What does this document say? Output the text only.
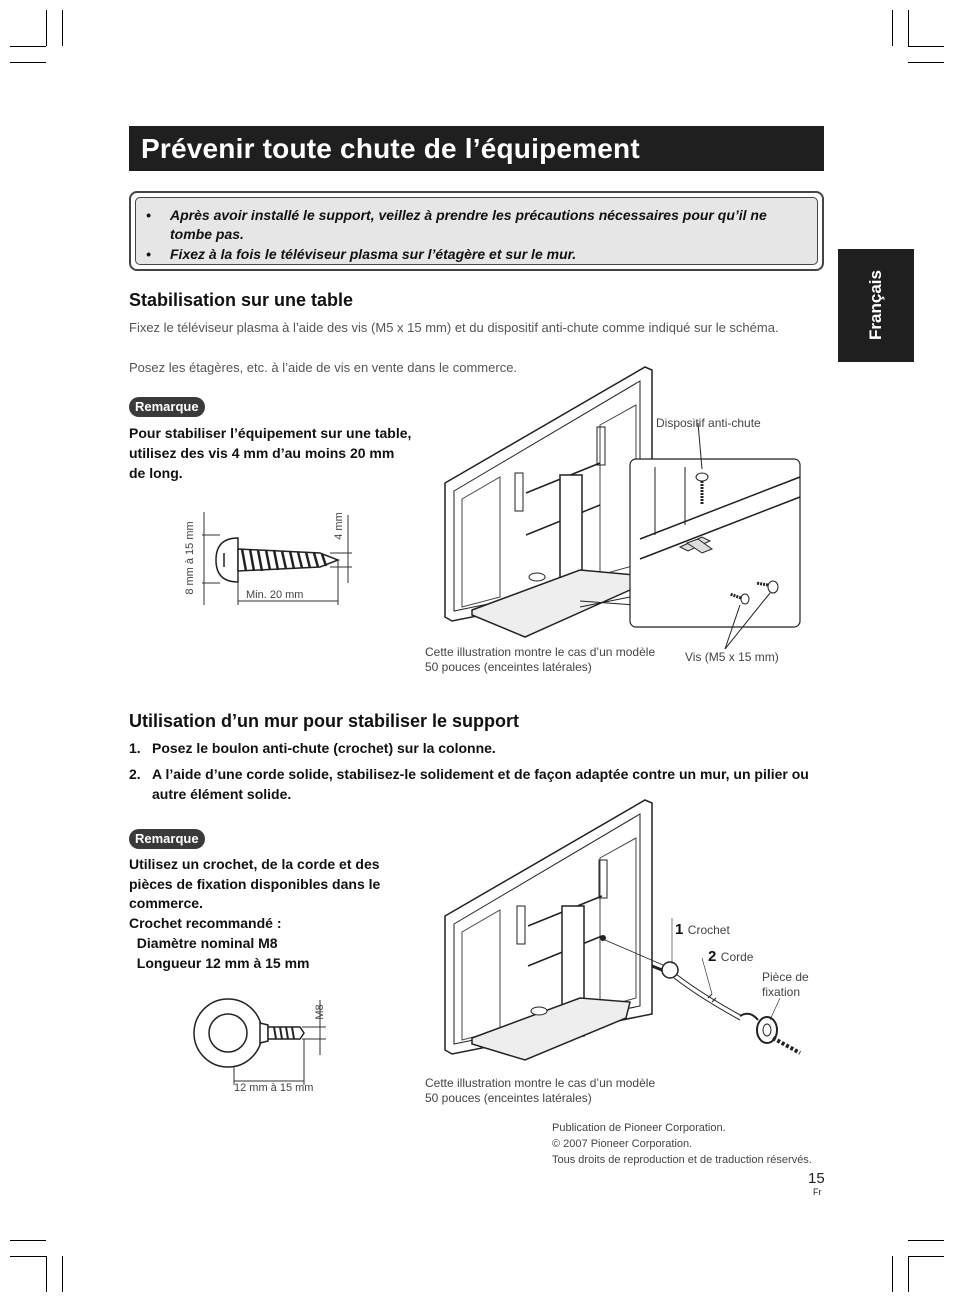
Prévenir toute chute de l’équipement
•	Après avoir installé le support, veillez à prendre les précautions nécessaires pour qu’il ne tombe pas.
•	Fixez à la fois le téléviseur plasma sur l’étagère et sur le mur.
Français
Stabilisation sur une table
Fixez le téléviseur plasma à l’aide des vis (M5 x 15 mm) et du dispositif anti-chute comme indiqué sur le schéma.
Posez les étagères, etc. à l’aide de vis en vente dans le commerce.
Remarque
Pour stabiliser l’équipement sur une table, utilisez des vis 4 mm d’au moins 20 mm de long.
8 mm à 15 mm	4 mm
Min. 20 mm
Dispositif anti-chute
Vis (M5 x 15 mm)
Cette illustration montre le cas d’un modèle 50 pouces (enceintes latérales)
Utilisation d’un mur pour stabiliser le support
1. Posez le boulon anti-chute (crochet) sur la colonne.
2. A l’aide d’une corde solide, stabilisez-le solidement et de façon adaptée contre un mur, un pilier ou autre élément solide.
Remarque
Utilisez un crochet, de la corde et des
pièces de fixation disponibles dans le
commerce.
Crochet recommandé :
Diamètre nominal M8
Longueur 12 mm à 15 mm
M8
12 mm à 15 mm
1 Crochet
2 Corde
Pièce de fixation
Cette illustration montre le cas d’un modèle 50 pouces (enceintes latérales)
Publication de Pioneer Corporation.
© 2007 Pioneer Corporation.
Tous droits de reproduction et de traduction réservés.
15
Fr
